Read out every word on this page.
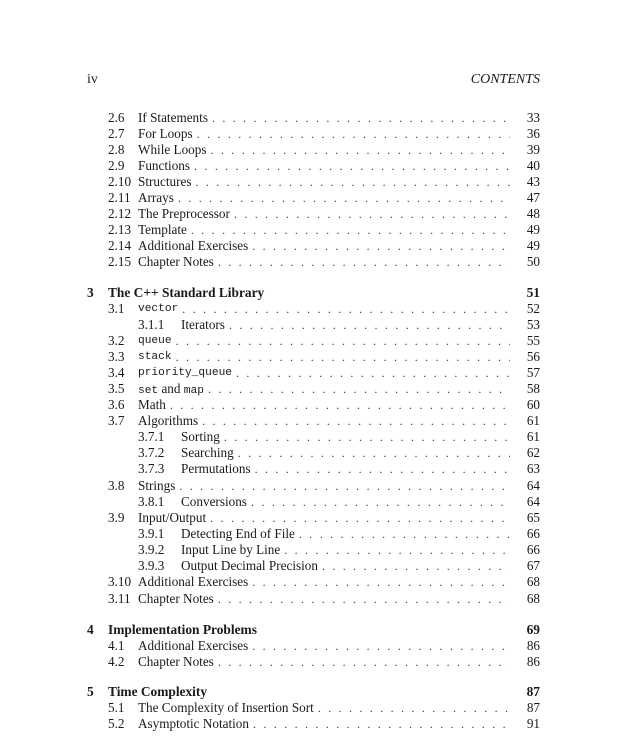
iv	CONTENTS
2.6 If Statements . . .	33
2.7 For Loops . . .	36
2.8 While Loops . . .	39
2.9 Functions . . .	40
2.10 Structures . . .	43
2.11 Arrays . . .	47
2.12 The Preprocessor . . .	48
2.13 Template . . .	49
2.14 Additional Exercises . . .	49
2.15 Chapter Notes . . .	50
3 The C++ Standard Library	51
3.1 vector . . .	52
3.1.1 Iterators . . .	53
3.2 queue . . .	55
3.3 stack . . .	56
3.4 priority_queue . . .	57
3.5 set and map . . .	58
3.6 Math . . .	60
3.7 Algorithms . . .	61
3.7.1 Sorting . . .	61
3.7.2 Searching . . .	62
3.7.3 Permutations . . .	63
3.8 Strings . . .	64
3.8.1 Conversions . . .	64
3.9 Input/Output . . .	65
3.9.1 Detecting End of File . . .	66
3.9.2 Input Line by Line . . .	66
3.9.3 Output Decimal Precision . . .	67
3.10 Additional Exercises . . .	68
3.11 Chapter Notes . . .	68
4 Implementation Problems	69
4.1 Additional Exercises . . .	86
4.2 Chapter Notes . . .	86
5 Time Complexity	87
5.1 The Complexity of Insertion Sort . . .	87
5.2 Asymptotic Notation . . .	91
